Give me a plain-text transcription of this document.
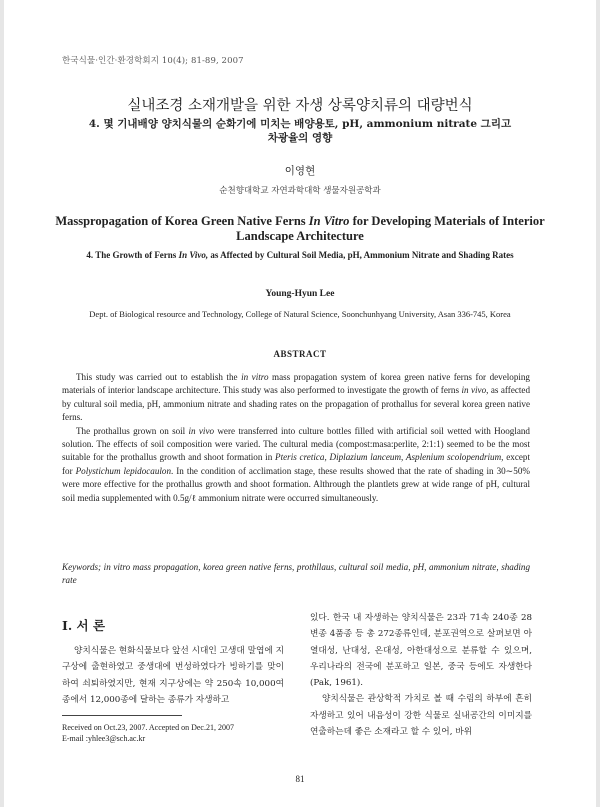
한국식물·인간·환경학회지 10(4); 81-89, 2007
실내조경 소재개발을 위한 자생 상록양치류의 대량번식
4. 몇 기내배양 양치식물의 순화기에 미치는 배양용토, pH, ammonium nitrate 그리고
차광율의 영향
이영현
순천향대학교 자연과학대학 생물자원공학과
Masspropagation of Korea Green Native Ferns In Vitro for Developing Materials of Interior Landscape Architecture
4. The Growth of Ferns In Vivo, as Affected by Cultural Soil Media, pH, Ammonium Nitrate and Shading Rates
Young-Hyun Lee
Dept. of Biological resource and Technology, College of Natural Science, Soonchunhyang University, Asan 336-745, Korea
ABSTRACT

This study was carried out to establish the in vitro mass propagation system of korea green native ferns for developing materials of interior landscape architecture. This study was also performed to investigate the growth of ferns in vivo, as affected by cultural soil media, pH, ammonium nitrate and shading rates on the propagation of prothallus for several korea green native ferns.

The prothallus grown on soil in vivo were transferred into culture bottles filled with artificial soil wetted with Hoogland solution. The effects of soil composition were varied. The cultural media (compost:masa:perlite, 2:1:1) seemed to be the most suitable for the prothallus growth and shoot formation in Pteris cretica, Diplazium lanceum, Asplenium scolopendrium, except for Polystichum lepidocaulon. In the condition of acclimation stage, these results showed that the rate of shading in 30∼50% were more effective for the prothallus growth and shoot formation. Althrough the plantlets grew at wide range of pH, cultural soil media supplemented with 0.5g/ℓ ammonium nitrate were occurred simultaneously.

Keywords; in vitro mass propagation, korea green native ferns, prothllaus, cultural soil media, pH, ammonium nitrate, shading rate
I. 서 론

양치식물은 현화식물보다 앞선 시대인 고생대 말엽에 지구상에 출현하였고 중생대에 번성하였다가 빙하기를 맞이하여 쇠퇴하였지만, 현재 지구상에는 약 250속 10,000여종에서 12,000종에 달하는 종류가 자생하고

있다. 한국 내 자생하는 양치식물은 23과 71속 240종 28변종 4품종 등 총 272종류인데, 분포권역으로 살펴보면 아열대성, 난대성, 온대성, 아한대성으로 분류할 수 있으며, 우리나라의 전국에 분포하고 일본, 중국 등에도 자생한다(Pak, 1961).

양치식물은 관상학적 가치로 볼 때 수림의 하부에 흔히 자생하고 있어 내음성이 강한 식물로 실내공간의 이미지를 연출하는데 좋은 소재라고 할 수 있어, 바위

Received on Oct.23, 2007. Accepted on Dec.21, 2007
E-mail :yhlee3@sch.ac.kr
81
